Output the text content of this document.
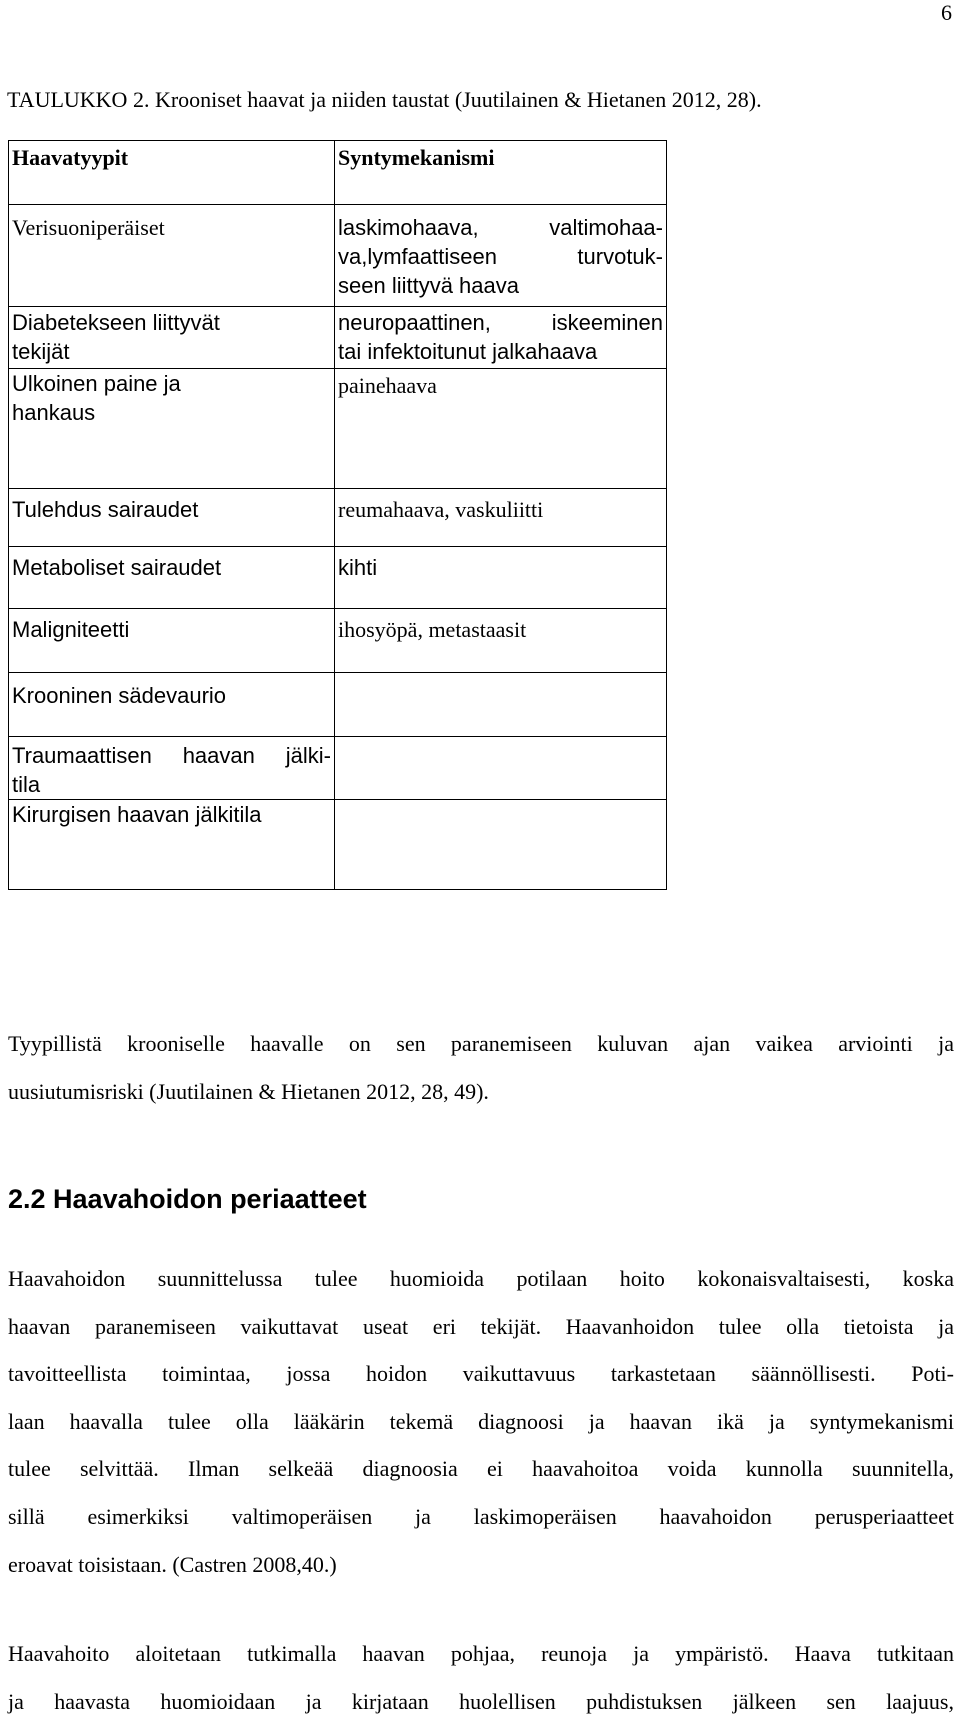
6
TAULUKKO 2. Krooniset haavat ja niiden taustat (Juutilainen & Hietanen 2012, 28).
Haavatyypit	Syntymekanismi
Verisuoniperäiset	laskimohaava, valtimohaa-
va,lymfaattiseen turvotuk-
seen liittyvä haava

Diabetekseen liittyvät
tekijät	neuropaattinen, iskeeminen
tai infektoitunut jalkahaava

Ulkoinen paine ja
hankaus	painehaava
Tulehdus sairaudet	reumahaava, vaskuliitti
Metaboliset sairaudet	kihti
Maligniteetti	ihosyöpä, metastaasit
Krooninen sädevaurio	

Traumaattisen haavan jälki-
tila	

Kirurgisen haavan jälkitila	
Tyypillistä krooniselle haavalle on sen paranemiseen kuluvan ajan vaikea arviointi ja
uusiutumisriski (Juutilainen & Hietanen 2012, 28, 49).
2.2 Haavahoidon periaatteet
Haavahoidon suunnittelussa tulee huomioida potilaan hoito kokonaisvaltaisesti, koska
haavan paranemiseen vaikuttavat useat eri tekijät. Haavanhoidon tulee olla tietoista ja
tavoitteellista toimintaa, jossa hoidon vaikuttavuus tarkastetaan säännöllisesti. Poti-
laan haavalla tulee olla lääkärin tekemä diagnoosi ja haavan ikä ja syntymekanismi
tulee selvittää. Ilman selkeää diagnoosia ei haavahoitoa voida kunnolla suunnitella,
sillä esimerkiksi valtimoperäisen ja laskimoperäisen haavahoidon perusperiaatteet
eroavat toisistaan. (Castren 2008,40.)
Haavahoito aloitetaan tutkimalla haavan pohjaa, reunoja ja ympäristö. Haava tutkitaan
ja haavasta huomioidaan ja kirjataan huolellisen puhdistuksen jälkeen sen laajuus,
